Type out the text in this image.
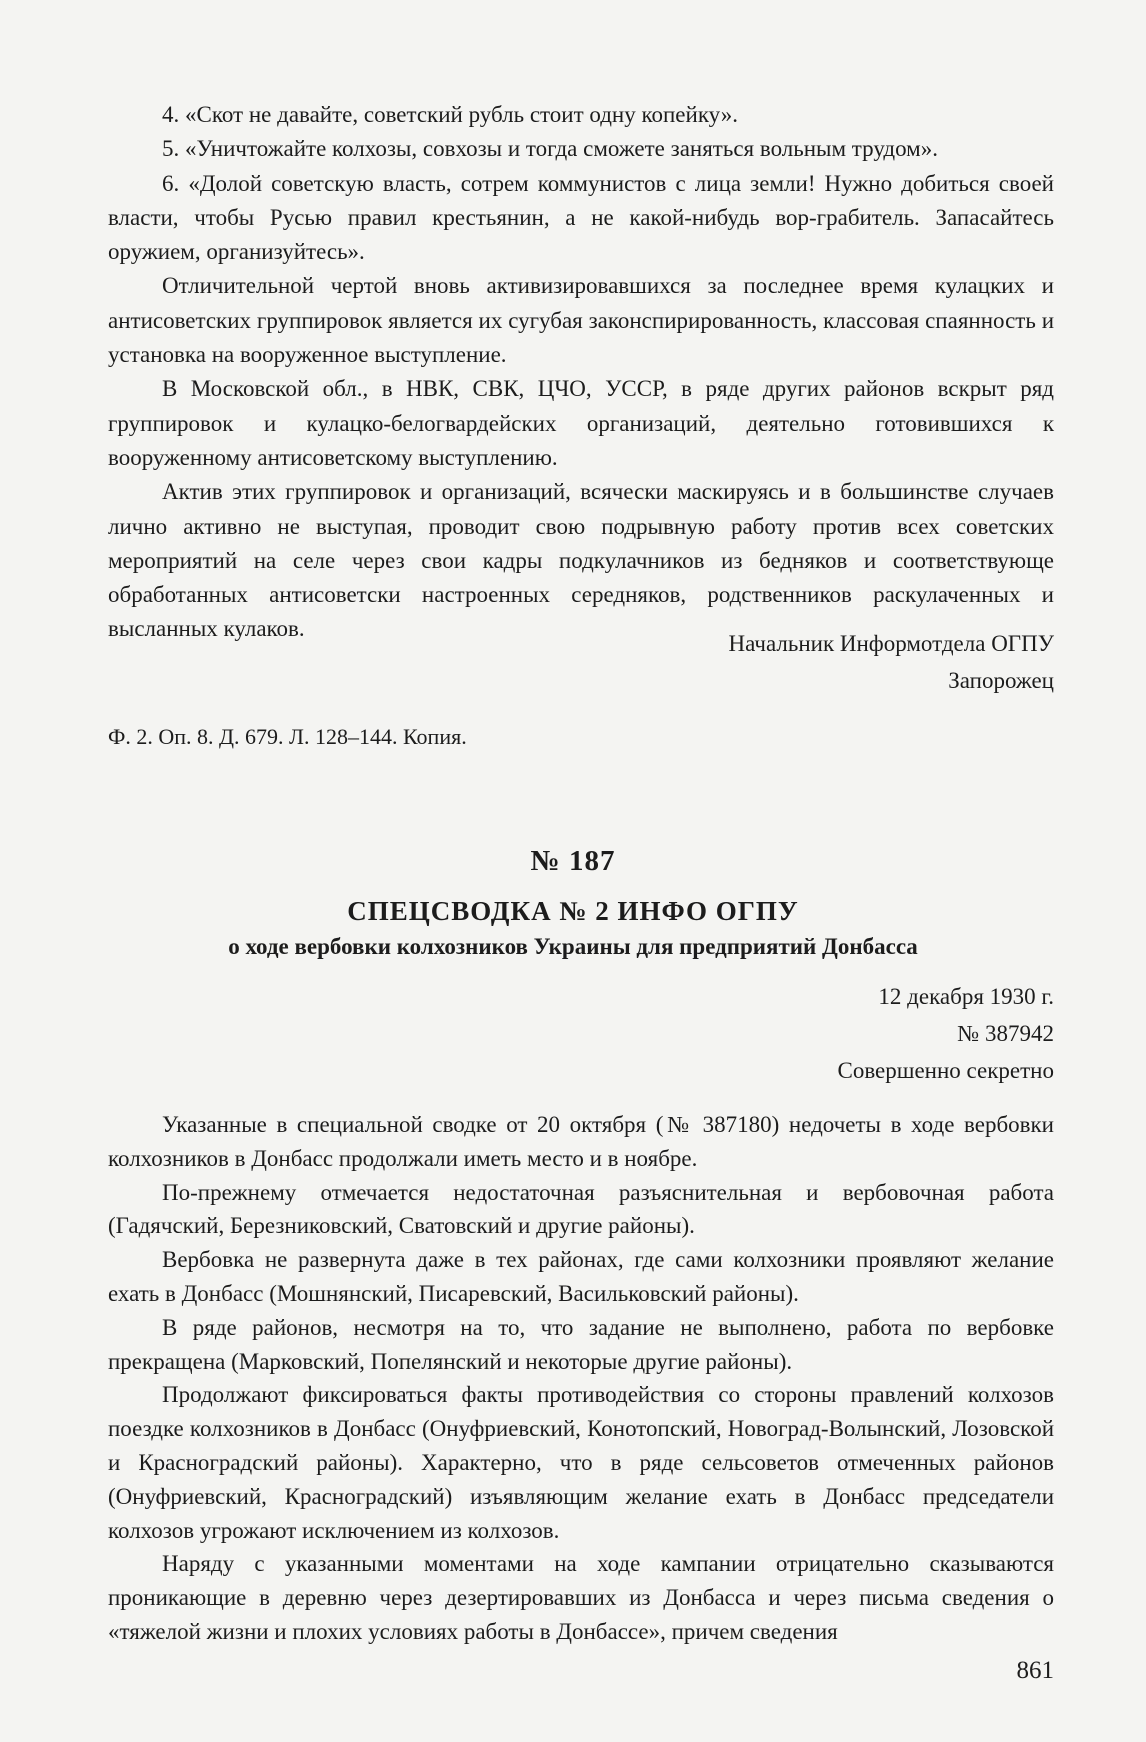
4. «Скот не давайте, советский рубль стоит одну копейку».

5. «Уничтожайте колхозы, совхозы и тогда сможете заняться вольным трудом».

6. «Долой советскую власть, сотрем коммунистов с лица земли! Нужно добиться своей власти, чтобы Русью правил крестьянин, а не какой-нибудь вор-грабитель. Запасайтесь оружием, организуйтесь».

Отличительной чертой вновь активизировавшихся за последнее время кулацких и антисоветских группировок является их сугубая законспирированность, классовая спаянность и установка на вооруженное выступление.

В Московской обл., в НВК, СВК, ЦЧО, УССР, в ряде других районов вскрыт ряд группировок и кулацко-белогвардейских организаций, деятельно готовившихся к вооруженному антисоветскому выступлению.

Актив этих группировок и организаций, всячески маскируясь и в большинстве случаев лично активно не выступая, проводит свою подрывную работу против всех советских мероприятий на селе через свои кадры подкулачников из бедняков и соответствующе обработанных антисоветски настроенных середняков, родственников раскулаченных и высланных кулаков.

Начальник Информотдела ОГПУ

Запорожец

Ф. 2. Оп. 8. Д. 679. Л. 128–144. Копия.

№ 187

СПЕЦСВОДКА № 2 ИНФО ОГПУ

о ходе вербовки колхозников Украины для предприятий Донбасса

12 декабря 1930 г.

№ 387942

Совершенно секретно

Указанные в специальной сводке от 20 октября (№ 387180) недочеты в ходе вербовки колхозников в Донбасс продолжали иметь место и в ноябре.

По-прежнему отмечается недостаточная разъяснительная и вербовочная работа (Гадячский, Березниковский, Сватовский и другие районы).

Вербовка не развернута даже в тех районах, где сами колхозники проявляют желание ехать в Донбасс (Мошнянский, Писаревский, Васильковский районы).

В ряде районов, несмотря на то, что задание не выполнено, работа по вербовке прекращена (Марковский, Попелянский и некоторые другие районы).

Продолжают фиксироваться факты противодействия со стороны правлений колхозов поездке колхозников в Донбасс (Онуфриевский, Конотопский, Новоград-Волынский, Лозовской и Красноградский районы). Характерно, что в ряде сельсоветов отмеченных районов (Онуфриевский, Красноградский) изъявляющим желание ехать в Донбасс председатели колхозов угрожают исключением из колхозов.

Наряду с указанными моментами на ходе кампании отрицательно сказываются проникающие в деревню через дезертировавших из Донбасса и через письма сведения о «тяжелой жизни и плохих условиях работы в Донбассе», причем сведения

861
